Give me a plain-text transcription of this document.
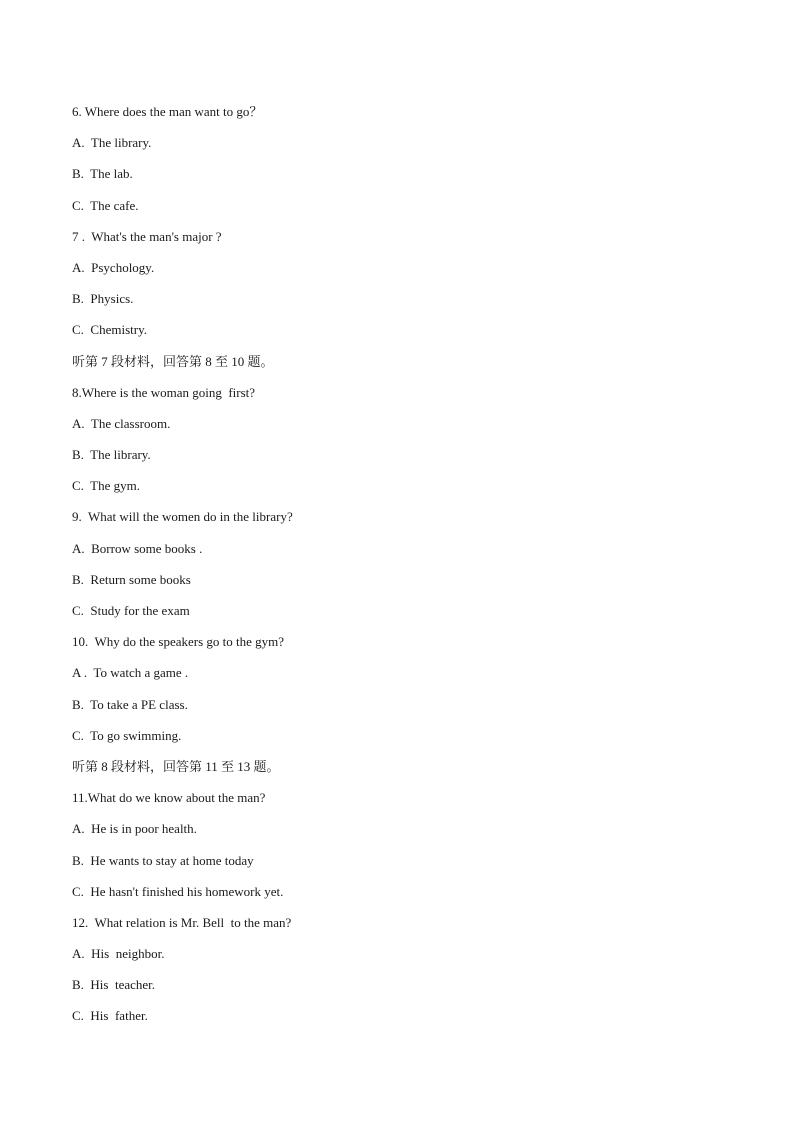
6. Where does the man want to go？
A.  The library.
B.  The lab.
C.  The cafe.
7 .  What's the man's major ?
A.  Psychology.
B.  Physics.
C.  Chemistry.
听第 7 段材料，回答第 8 至 10 题。
8.Where is the woman going  first?
A.  The classroom.
B.  The library.
C.  The gym.
9.  What will the women do in the library?
A.  Borrow some books .
B.  Return some books
C.  Study for the exam
10.  Why do the speakers go to the gym?
A .  To watch a game .
B.  To take a PE class.
C.  To go swimming.
听第 8 段材料，回答第 11 至 13 题。
11.What do we know about the man?
A.  He is in poor health.
B.  He wants to stay at home today
C.  He hasn't finished his homework yet.
12.  What relation is Mr. Bell  to the man?
A.  His  neighbor.
B.  His  teacher.
C.  His  father.
